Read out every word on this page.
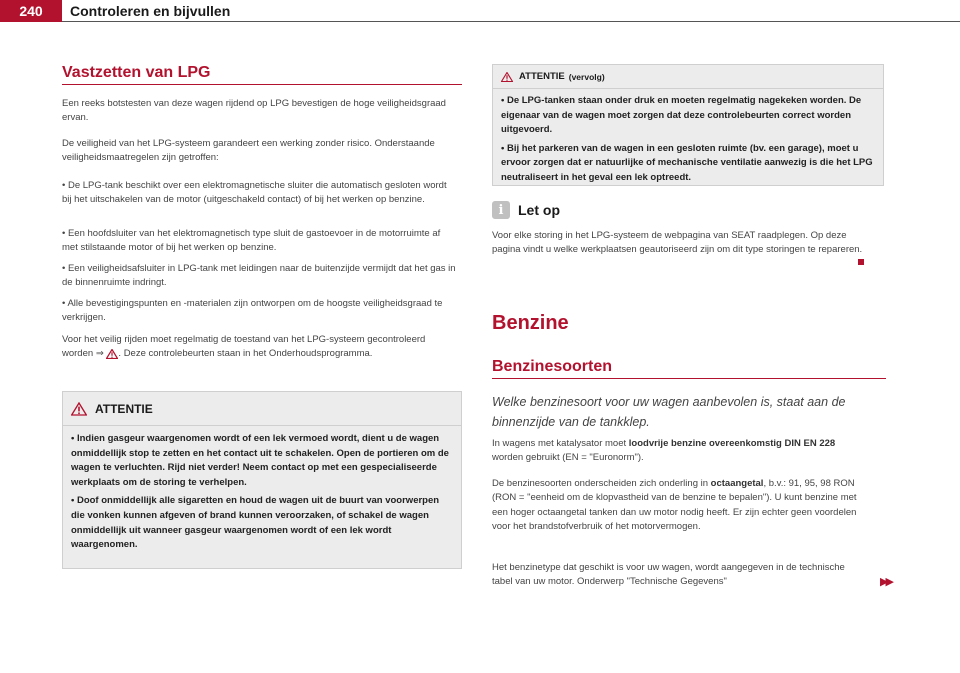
240	Controleren en bijvullen
Vastzetten van LPG
Een reeks botstesten van deze wagen rijdend op LPG bevestigen de hoge veiligheidsgraad ervan.
De veiligheid van het LPG-systeem garandeert een werking zonder risico. Onderstaande veiligheidsmaatregelen zijn getroffen:
• De LPG-tank beschikt over een elektromagnetische sluiter die automatisch gesloten wordt bij het uitschakelen van de motor (uitgeschakeld contact) of bij het werken op benzine.
• Een hoofdsluiter van het elektromagnetisch type sluit de gastoevoer in de motorruimte af met stilstaande motor of bij het werken op benzine.
• Een veiligheidsafsluiter in LPG-tank met leidingen naar de buitenzijde vermijdt dat het gas in de binnenruimte indringt.
• Alle bevestigingspunten en -materialen zijn ontworpen om de hoogste veiligheidsgraad te verkrijgen.
Voor het veilig rijden moet regelmatig de toestand van het LPG-systeem gecontroleerd worden ⇒ . Deze controlebeurten staan in het Onderhoudsprogramma.
ATTENTIE

• Indien gasgeur waargenomen wordt of een lek vermoed wordt, dient u de wagen onmiddellijk stop te zetten en het contact uit te schakelen. Open de portieren om de wagen te verluchten. Rijd niet verder! Neem contact op met een gespecialiseerde werkplaats om de storing te verhelpen.

• Doof onmiddellijk alle sigaretten en houd de wagen uit de buurt van voorwerpen die vonken kunnen afgeven of brand kunnen veroorzaken, of schakel de wagen onmiddellijk uit wanneer gasgeur waargenomen wordt of een lek wordt waargenomen.

ATTENTIE (vervolg)

• De LPG-tanken staan onder druk en moeten regelmatig nagekeken worden. De eigenaar van de wagen moet zorgen dat deze controlebeurten correct worden uitgevoerd.

• Bij het parkeren van de wagen in een gesloten ruimte (bv. een garage), moet u ervoor zorgen dat er natuurlijke of mechanische ventilatie aanwezig is die het LPG neutraliseert in het geval een lek optreedt.

i	Let op
Voor elke storing in het LPG-systeem de webpagina van SEAT raadplegen. Op deze pagina vindt u welke werkplaatsen geautoriseerd zijn om dit type storingen te repareren.
Benzine
Benzinesoorten
Welke benzinesoort voor uw wagen aanbevolen is, staat aan de binnenzijde van de tankklep.
In wagens met katalysator moet loodvrije benzine overeenkomstig DIN EN 228 worden gebruikt (EN = "Euronorm").
De benzinesoorten onderscheiden zich onderling in octaangetal, b.v.: 91, 95, 98 RON (RON = "eenheid om de klopvastheid van de benzine te bepalen"). U kunt benzine met een hoger octaangetal tanken dan uw motor nodig heeft. Er zijn echter geen voordelen voor het brandstofverbruik of het motorvermogen.
Het benzinetype dat geschikt is voor uw wagen, wordt aangegeven in de technische tabel van uw motor. Onderwerp "Technische Gegevens"	▶▶
